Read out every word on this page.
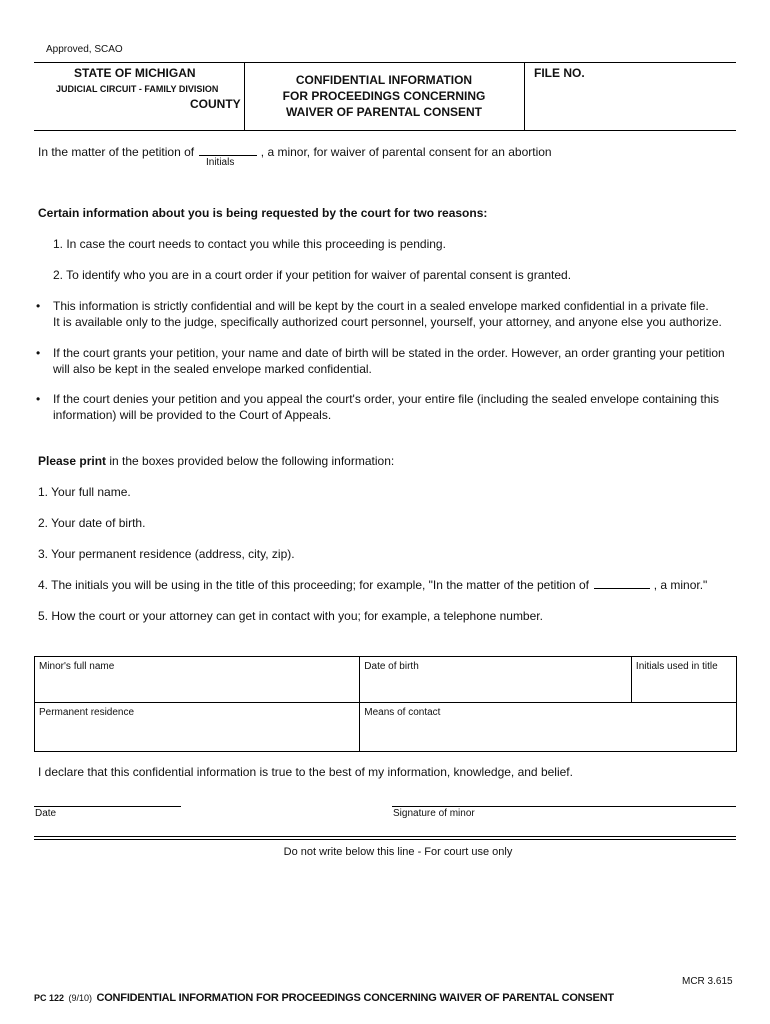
Approved, SCAO
STATE OF MICHIGAN
JUDICIAL CIRCUIT - FAMILY DIVISION
COUNTY
CONFIDENTIAL INFORMATION
FOR PROCEEDINGS CONCERNING
WAIVER OF PARENTAL CONSENT
FILE NO.
In the matter of the petition of	, a minor, for waiver of parental consent for an abortion
Initials
Certain information about you is being requested by the court for two reasons:
1. In case the court needs to contact you while this proceeding is pending.
2. To identify who you are in a court order if your petition for waiver of parental consent is granted.
• This information is strictly confidential and will be kept by the court in a sealed envelope marked confidential in a private file.

It is available only to the judge, specifically authorized court personnel, yourself, your attorney, and anyone else you authorize.

• If the court grants your petition, your name and date of birth will be stated in the order. However, an order granting your petition

will also be kept in the sealed envelope marked confidential.

• If the court denies your petition and you appeal the court's order, your entire file (including the sealed envelope containing this

information) will be provided to the Court of Appeals.

Please print in the boxes provided below the following information:
1. Your full name.
2. Your date of birth.
3. Your permanent residence (address, city, zip).
4. The initials you will be using in the title of this proceeding; for example, "In the matter of the petition of	, a minor."
5. How the court or your attorney can get in contact with you; for example, a telephone number.
Minor's full name	Date of birth	Initials used in title
Permanent residence	Means of contact	
I declare that this confidential information is true to the best of my information, knowledge, and belief.
Date	Signature of minor
Do not write below this line - For court use only
MCR 3.615
PC 122 (9/10) CONFIDENTIAL INFORMATION FOR PROCEEDINGS CONCERNING WAIVER OF PARENTAL CONSENT
